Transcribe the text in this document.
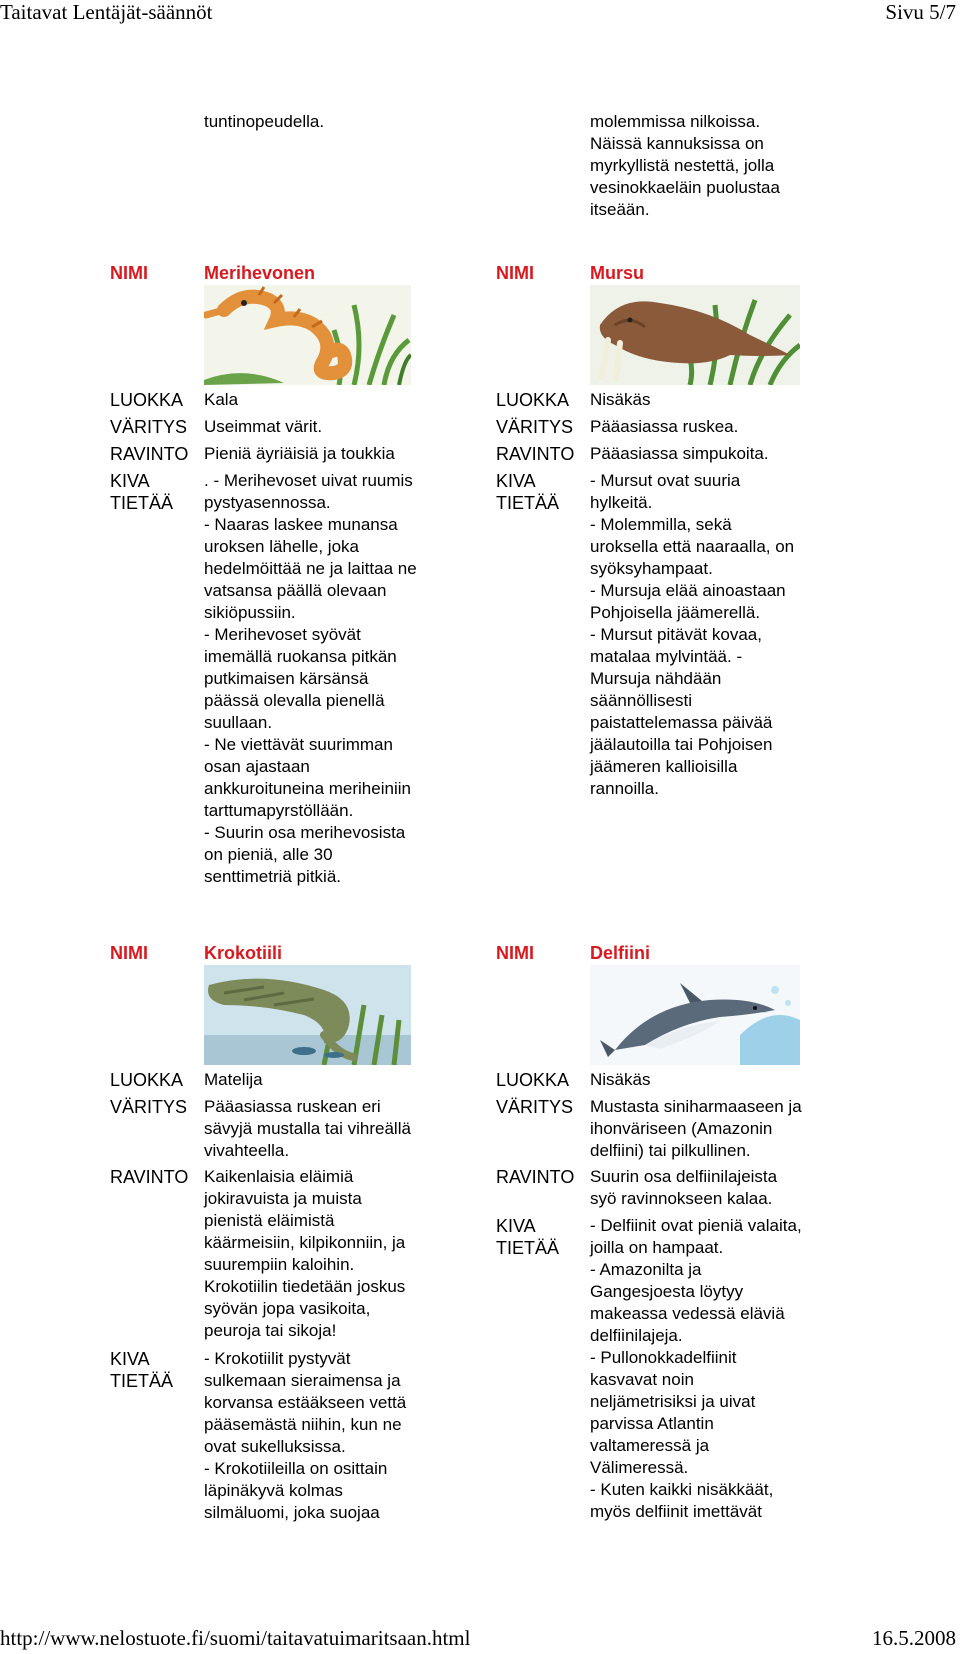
Taitavat Lentäjät-säännöt	Sivu 5/7
tuntinopeudella.	molemmissa nilkoissa.
Näissä kannuksissa on
myrkyllistä nestettä, jolla
vesinokkaeläin puolustaa
itseään.
NIMI	Merihevonen
LUOKKA Kala
VÄRITYS Useimmat värit.
RAVINTO Pieniä äyriäisiä ja toukkia
KIVA
TIETÄÄ
. - Merihevoset uivat ruumis
pystyasennossa.
- Naaras laskee munansa
uroksen lähelle, joka
hedelmöittää ne ja laittaa ne
vatsansa päällä olevaan
sikiöpussiin.
- Merihevoset syövät
imemällä ruokansa pitkän
putkimaisen kärsänsä
päässä olevalla pienellä
suullaan.
- Ne viettävät suurimman
osan ajastaan
ankkuroituneina meriheiniin
tarttumapyrstöllään.
- Suurin osa merihevosista
on pieniä, alle 30
senttimetriä pitkiä.
NIMI	Mursu
LUOKKA Nisäkäs
VÄRITYS Pääasiassa ruskea.
RAVINTO Pääasiassa simpukoita.
KIVA
TIETÄÄ
- Mursut ovat suuria
hylkeitä.
- Molemmilla, sekä
uroksella että naaraalla, on
syöksyhampaat.
- Mursuja elää ainoastaan
Pohjoisella jäämerellä.
- Mursut pitävät kovaa,
matalaa mylvintää. -
Mursuja nähdään
säännöllisesti
paistattelemassa päivää
jäälautoilla tai Pohjoisen
jäämeren kallioisilla
rannoilla.
NIMI	Krokotiili
LUOKKA Matelija
VÄRITYS Pääasiassa ruskean eri
sävyjä mustalla tai vihreällä
vivahteella.
RAVINTO Kaikenlaisia eläimiä
jokiravuista ja muista
pienistä eläimistä
käärmeisiin, kilpikonniin, ja
suurempiin kaloihin.
Krokotiilin tiedetään joskus
syövän jopa vasikoita,
peuroja tai sikoja!
KIVA
TIETÄÄ
- Krokotiilit pystyvät
sulkemaan sieraimensa ja
korvansa estääkseen vettä
pääsemästä niihin, kun ne
ovat sukelluksissa.
- Krokotiileilla on osittain
läpinäkyvä kolmas
silmäluomi, joka suojaa
NIMI	Delfiini
LUOKKA Nisäkäs
VÄRITYS Mustasta siniharmaaseen ja
ihonväriseen (Amazonin
delfiini) tai pilkullinen.
RAVINTO Suurin osa delfiinilajeista
syö ravinnokseen kalaa.
KIVA
TIETÄÄ
- Delfiinit ovat pieniä valaita,
joilla on hampaat.
- Amazonilta ja
Gangesjoesta löytyy
makeassa vedessä eläviä
delfiinilajeja.
- Pullonokkadelfiinit
kasvavat noin
neljämetrisiksi ja uivat
parvissa Atlantin
valtameressä ja
Välimeressä.
- Kuten kaikki nisäkkäät,
myös delfiinit imettävät
http://www.nelostuote.fi/suomi/taitavatuimaritsaan.html	16.5.2008
